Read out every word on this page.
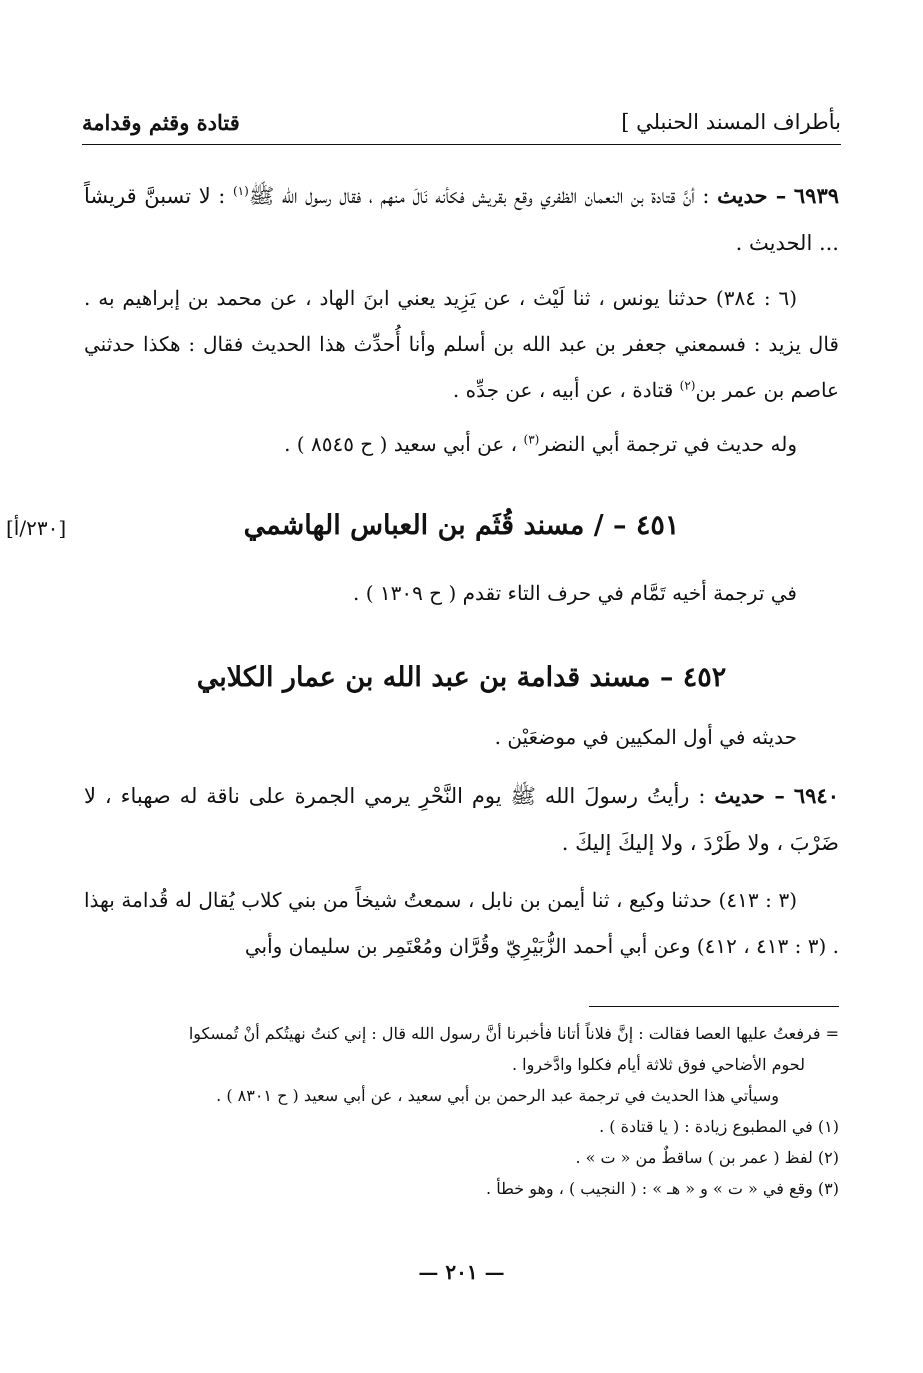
بأطراف المسند الحنبلي ]
قتادة وقثم وقدامة
٦٩٣٩ – حديث : أنَّ قتادة بن النعمان الظفري وقع بقريش فكأنه نَالَ منهم ، فقال رسول الله ﷺ$^{(١)}$ : لا تسبنَّ قريشاً ... الحديث .
(٦ : ٣٨٤) حدثنا يونس ، ثنا لَيْث ، عن يَزِيد يعني ابنَ الهاد ، عن محمد بن إبراهيم به . قال يزيد : فسمعني جعفر بن عبد الله بن أسلم وأنا أُحدِّث هذا الحديث فقال : هكذا حدثني عاصم بن عمر بن$^{(٢)}$ قتادة ، عن أبيه ، عن جدِّه .
وله حديث في ترجمة أبي النضر$^{(٣)}$ ، عن أبي سعيد ( ح ٨٥٤٥ ) .
[٢٣٠/أ]	٤٥١ – / مسند قُثَم بن العباس الهاشمي
في ترجمة أخيه تَمَّام في حرف التاء تقدم ( ح ١٣٠٩ ) .
٤٥٢ – مسند قدامة بن عبد الله بن عمار الكلابي
حديثه في أول المكيين في موضعَيْن .
٦٩٤٠ – حديث : رأيتُ رسولَ الله ﷺ يوم النَّحْرِ يرمي الجمرة على ناقة له صهباء ، لا ضَرْبَ ، ولا طَرْدَ ، ولا إليكَ إليكَ .
(٣ : ٤١٣) حدثنا وكيع ، ثنا أيمن بن نابل ، سمعتُ شيخاً من بني كلاب يُقال له قُدامة بهذا . (٣ : ٤١٣ ، ٤١٢) وعن أبي أحمد الزُّبَيْرِيّ وقُرَّان ومُعْتَمِر بن سليمان وأبي
= فرفعتُ عليها العصا فقالت : إنَّ فلاناً أتانا فأخبرنا أنَّ رسول الله قال : إني كنتُ نهيتُكم أنْ تُمسكوا
لحوم الأضاحي فوق ثلاثة أيام فكلوا وادَّخروا .
وسيأتي هذا الحديث في ترجمة عبد الرحمن بن أبي سعيد ، عن أبي سعيد ( ح ٨٣٠١ ) .
(١) في المطبوع زيادة : ( يا قتادة ) .
(٢) لفظ ( عمر بن ) ساقطٌ من « ت » .
(٣) وقع في « ت » و « هـ » : ( النجيب ) ، وهو خطأ .
— ٢٠١ —
